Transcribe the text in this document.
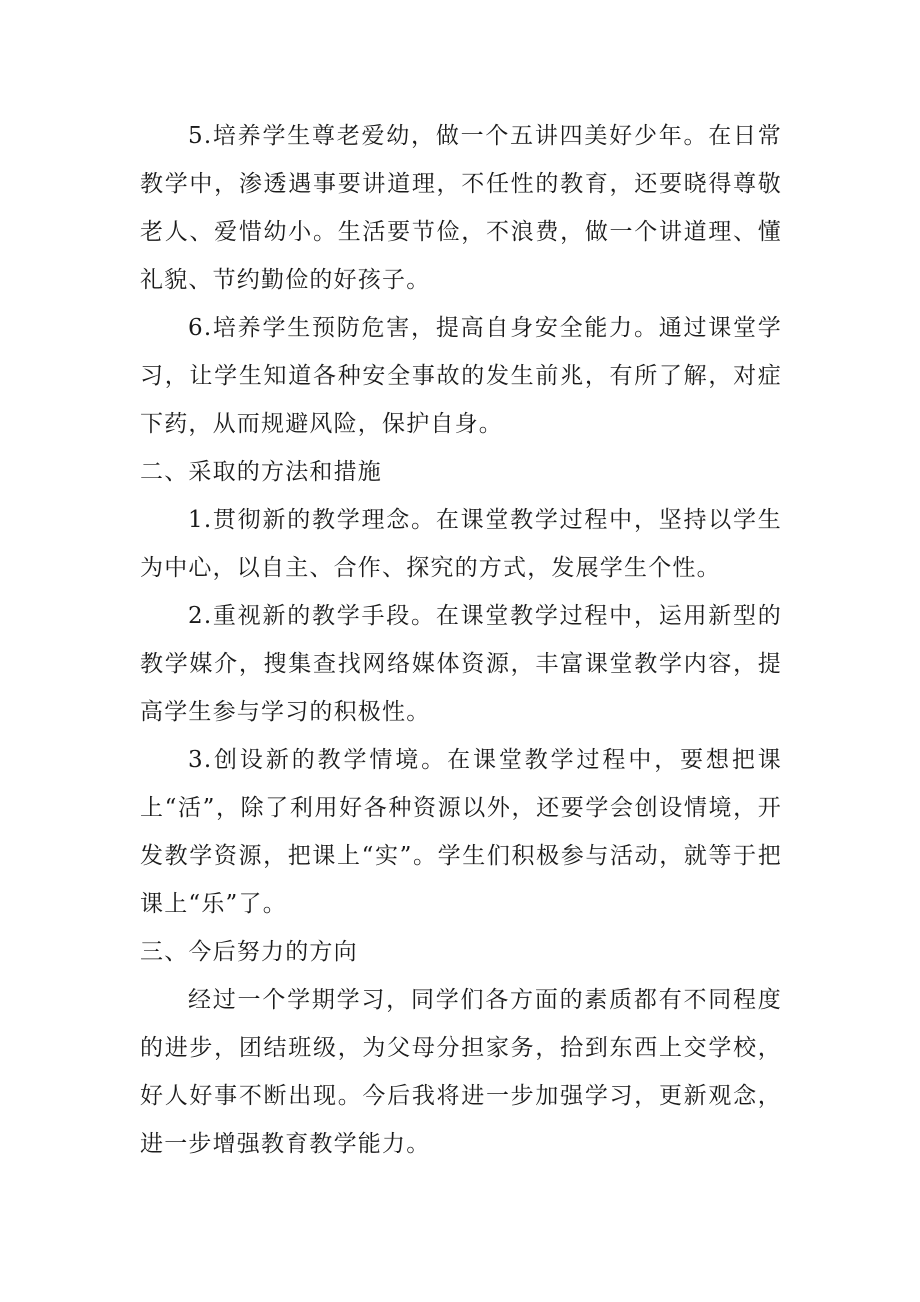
5.培养学生尊老爱幼，做一个五讲四美好少年。在日常教学中，渗透遇事要讲道理，不任性的教育，还要晓得尊敬老人、爱惜幼小。生活要节俭，不浪费，做一个讲道理、懂礼貌、节约勤俭的好孩子。

6.培养学生预防危害，提高自身安全能力。通过课堂学习，让学生知道各种安全事故的发生前兆，有所了解，对症下药，从而规避风险，保护自身。

二、采取的方法和措施

1.贯彻新的教学理念。在课堂教学过程中，坚持以学生为中心，以自主、合作、探究的方式，发展学生个性。

2.重视新的教学手段。在课堂教学过程中，运用新型的教学媒介，搜集查找网络媒体资源，丰富课堂教学内容，提高学生参与学习的积极性。

3.创设新的教学情境。在课堂教学过程中，要想把课上“活”，除了利用好各种资源以外，还要学会创设情境，开发教学资源，把课上“实”。学生们积极参与活动，就等于把课上“乐”了。

三、今后努力的方向

经过一个学期学习，同学们各方面的素质都有不同程度的进步，团结班级，为父母分担家务，拾到东西上交学校，好人好事不断出现。今后我将进一步加强学习，更新观念，进一步增强教育教学能力。
